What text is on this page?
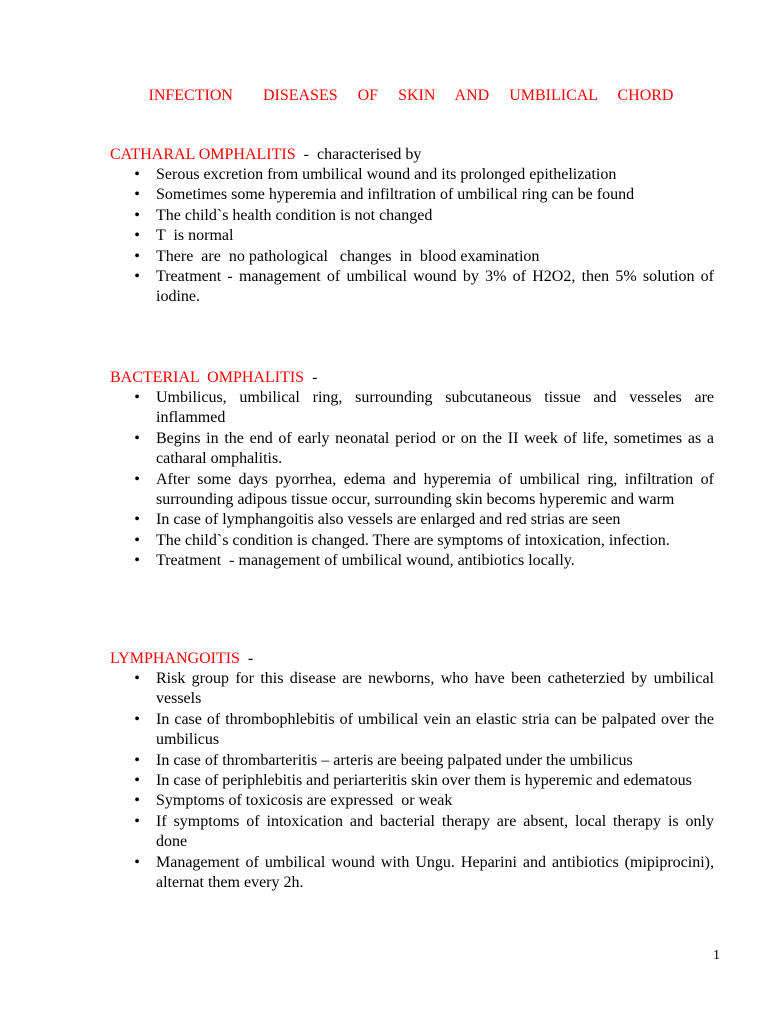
INFECTION   DISEASES  OF  SKIN  AND  UMBILICAL  CHORD

CATHARAL OMPHALITIS  -  characterised by

• Serous excretion from umbilical wound and its prolonged epithelization
• Sometimes some hyperemia and infiltration of umbilical ring can be found
• The child`s health condition is not changed
• T  is normal
• There  are  no pathological   changes  in  blood examination
• Treatment - management of umbilical wound by 3% of H2O2, then 5% solution of iodine.

BACTERIAL  OMPHALITIS  -

• Umbilicus, umbilical ring, surrounding subcutaneous tissue and vesseles are inflammed
• Begins in the end of early neonatal period or on the II week of life, sometimes as a catharal omphalitis.
• After some days pyorrhea, edema and hyperemia of umbilical ring, infiltration of surrounding adipous tissue occur, surrounding skin becoms hyperemic and warm
• In case of lymphangoitis also vessels are enlarged and red strias are seen
• The child`s condition is changed. There are symptoms of intoxication, infection.
• Treatment  - management of umbilical wound, antibiotics locally.

LYMPHANGOITIS  -

• Risk group for this disease are newborns, who have been catheterzied by umbilical vessels
• In case of thrombophlebitis of umbilical vein an elastic stria can be palpated over the umbilicus
• In case of thrombarteritis – arteris are beeing palpated under the umbilicus
• In case of periphlebitis and periarteritis skin over them is hyperemic and edematous
• Symptoms of toxicosis are expressed  or weak
• If symptoms of intoxication and bacterial therapy are absent, local therapy is only done
• Management of umbilical wound with Ungu. Heparini and antibiotics (mipiprocini), alternat them every 2h.
1
